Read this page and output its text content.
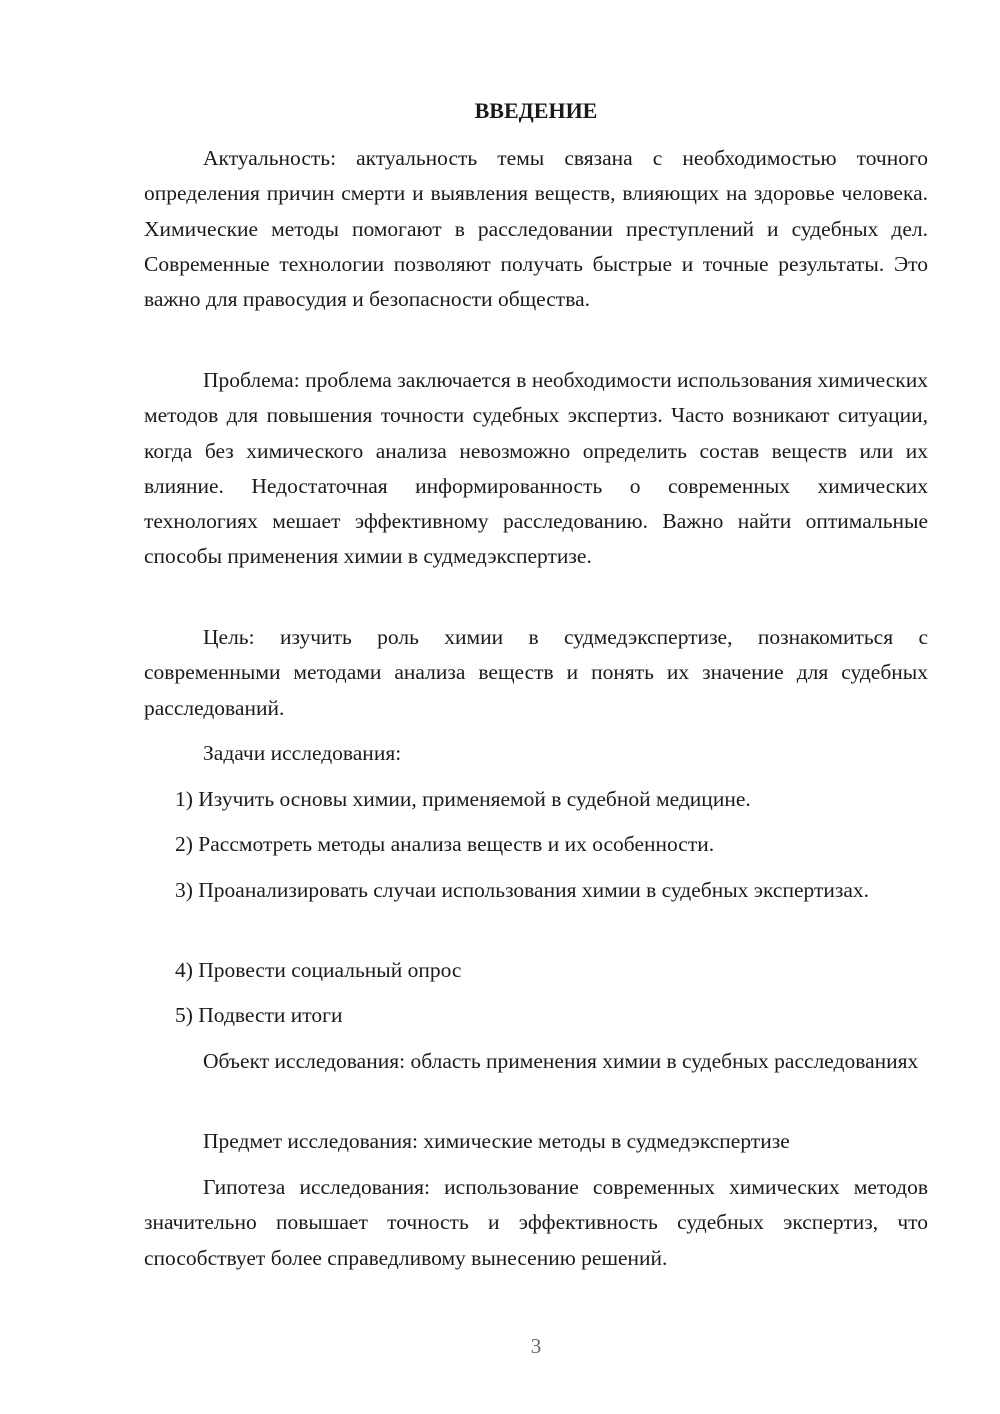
ВВЕДЕНИЕ

Актуальность: актуальность темы связана с необходимостью точного определения причин смерти и выявления веществ, влияющих на здоровье человека. Химические методы помогают в расследовании преступлений и судебных дел. Современные технологии позволяют получать быстрые и точные результаты. Это важно для правосудия и безопасности общества.

Проблема: проблема заключается в необходимости использования химических методов для повышения точности судебных экспертиз. Часто возникают ситуации, когда без химического анализа невозможно определить состав веществ или их влияние. Недостаточная информированность о современных химических технологиях мешает эффективному расследованию. Важно найти оптимальные способы применения химии в судмедэкспертизе.

Цель: изучить роль химии в судмедэкспертизе, познакомиться с современными методами анализа веществ и понять их значение для судебных расследований.

Задачи исследования:

1) Изучить основы химии, применяемой в судебной медицине.

2) Рассмотреть методы анализа веществ и их особенности.

3) Проанализировать случаи использования химии в судебных экспертизах.

4) Провести социальный опрос

5) Подвести итоги

Объект исследования: область применения химии в судебных расследованиях

Предмет исследования: химические методы в судмедэкспертизе

Гипотеза исследования: использование современных химических методов значительно повышает точность и эффективность судебных экспертиз, что способствует более справедливому вынесению решений.

3
